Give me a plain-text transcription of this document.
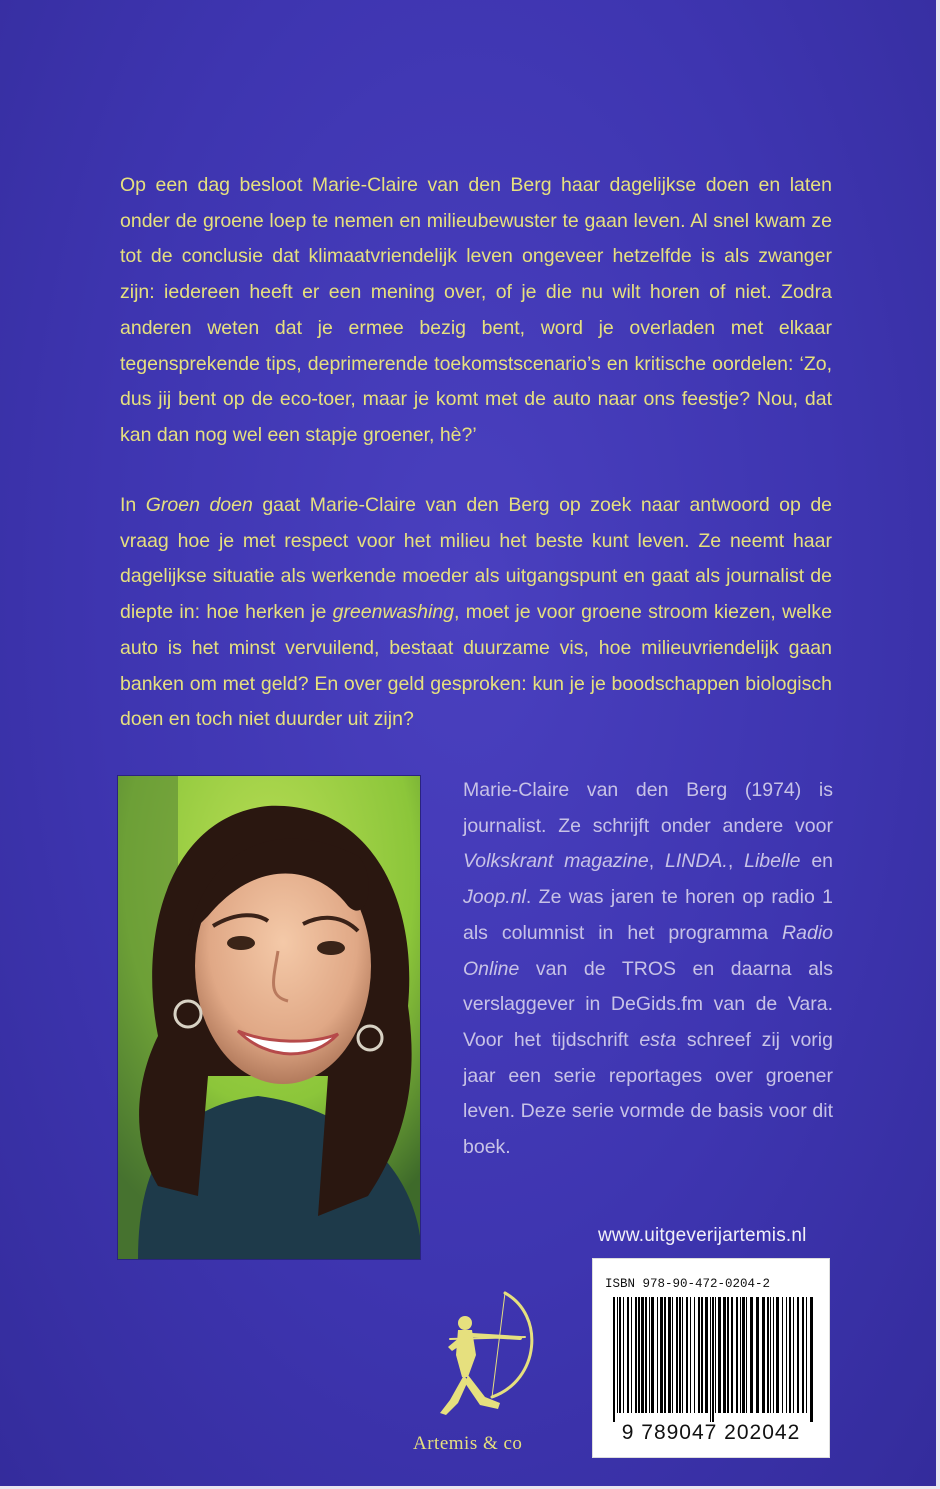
Op een dag besloot Marie-Claire van den Berg haar dagelijkse doen en laten onder de groene loep te nemen en milieubewuster te gaan leven. Al snel kwam ze tot de conclusie dat klimaatvriendelijk leven ongeveer hetzelfde is als zwanger zijn: iedereen heeft er een mening over, of je die nu wilt horen of niet. Zodra anderen weten dat je ermee bezig bent, word je overladen met elkaar tegensprekende tips, deprimerende toekomstscenario’s en kritische oordelen: ‘Zo, dus jij bent op de eco-toer, maar je komt met de auto naar ons feestje? Nou, dat kan dan nog wel een stapje groener, hè?’

In Groen doen gaat Marie-Claire van den Berg op zoek naar antwoord op de vraag hoe je met respect voor het milieu het beste kunt leven. Ze neemt haar dagelijkse situatie als werkende moeder als uitgangspunt en gaat als journalist de diepte in: hoe herken je greenwashing, moet je voor groene stroom kiezen, welke auto is het minst vervuilend, bestaat duurzame vis, hoe milieuvriendelijk gaan banken om met geld? En over geld gesproken: kun je je boodschappen biologisch doen en toch niet duurder uit zijn?

Marie-Claire van den Berg (1974) is journalist. Ze schrijft onder andere voor Volkskrant magazine, LINDA., Libelle en Joop.nl. Ze was jaren te horen op radio 1 als columnist in het programma Radio Online van de TROS en daarna als verslaggever in DeGids.fm van de Vara. Voor het tijdschrift esta schreef zij vorig jaar een serie reportages over groener leven. Deze serie vormde de basis voor dit boek.

www.uitgeverijartemis.nl
ISBN 978-90-472-0204-2
9 789047 202042
Artemis & co
